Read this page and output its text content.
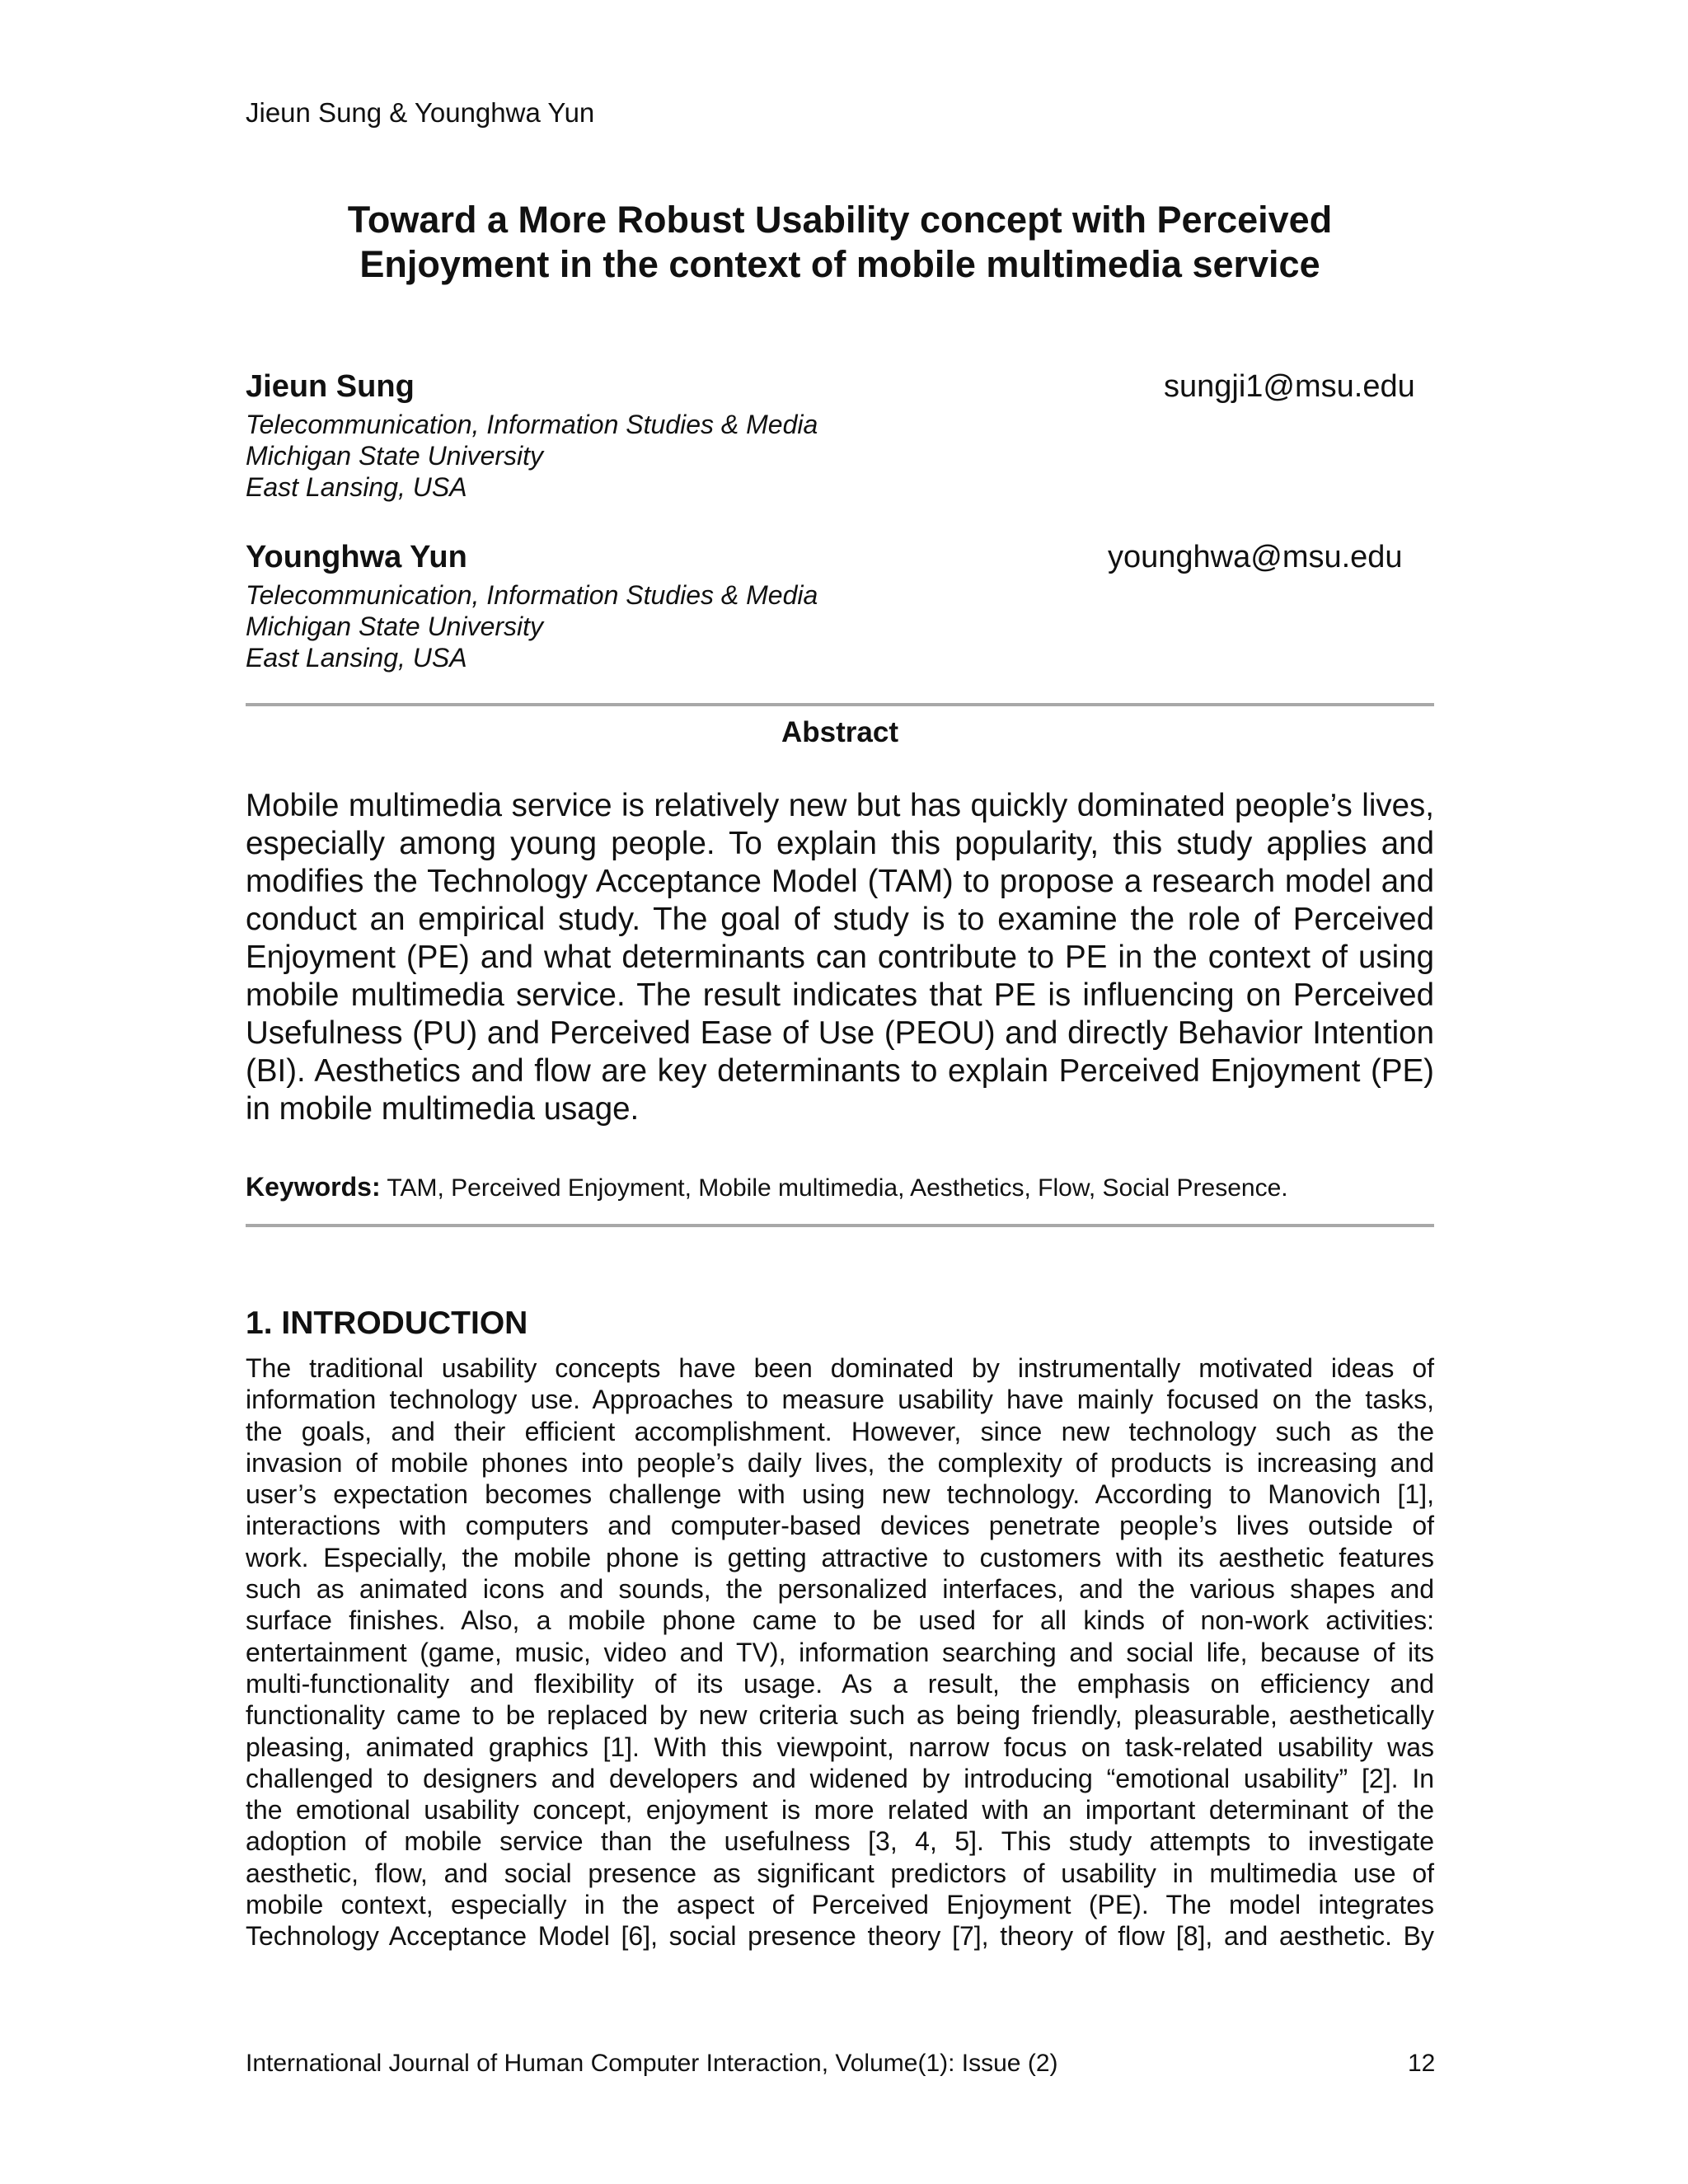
Jieun Sung & Younghwa Yun
Toward a More Robust Usability concept with Perceived
Enjoyment in the context of mobile multimedia service
Jieun Sung	sungji1@msu.edu
Telecommunication, Information Studies & Media
Michigan State University
East Lansing, USA
Younghwa Yun	younghwa@msu.edu
Telecommunication, Information Studies & Media
Michigan State University
East Lansing, USA
Abstract
Mobile multimedia service is relatively new but has quickly dominated people’s lives, especially among young people. To explain this popularity, this study applies and modifies the Technology Acceptance Model (TAM) to propose a research model and conduct an empirical study. The goal of study is to examine the role of Perceived Enjoyment (PE) and what determinants can contribute to PE in the context of using mobile multimedia service. The result indicates that PE is influencing on Perceived Usefulness (PU) and Perceived Ease of Use (PEOU) and directly Behavior Intention (BI). Aesthetics and flow are key determinants to explain Perceived Enjoyment (PE) in mobile multimedia usage.
Keywords: TAM, Perceived Enjoyment, Mobile multimedia, Aesthetics, Flow, Social Presence.
1. INTRODUCTION
The traditional usability concepts have been dominated by instrumentally motivated ideas of
information technology use. Approaches to measure usability have mainly focused on the tasks,
the goals, and their efficient accomplishment. However, since new technology such as the
invasion of mobile phones into people’s daily lives, the complexity of products is increasing and
user’s expectation becomes challenge with using new technology. According to Manovich [1],
interactions with computers and computer-based devices penetrate people’s lives outside of
work. Especially, the mobile phone is getting attractive to customers with its aesthetic features
such as animated icons and sounds, the personalized interfaces, and the various shapes and
surface finishes. Also, a mobile phone came to be used for all kinds of non-work activities:
entertainment (game, music, video and TV), information searching and social life, because of its
multi-functionality and flexibility of its usage. As a result, the emphasis on efficiency and
functionality came to be replaced by new criteria such as being friendly, pleasurable, aesthetically
pleasing, animated graphics [1]. With this viewpoint, narrow focus on task-related usability was
challenged to designers and developers and widened by introducing “emotional usability” [2]. In
the emotional usability concept, enjoyment is more related with an important determinant of the
adoption of mobile service than the usefulness [3, 4, 5]. This study attempts to investigate
aesthetic, flow, and social presence as significant predictors of usability in multimedia use of
mobile context, especially in the aspect of Perceived Enjoyment (PE). The model integrates
Technology Acceptance Model [6], social presence theory [7], theory of flow [8], and aesthetic. By
International Journal of Human Computer Interaction, Volume(1): Issue (2)	12
